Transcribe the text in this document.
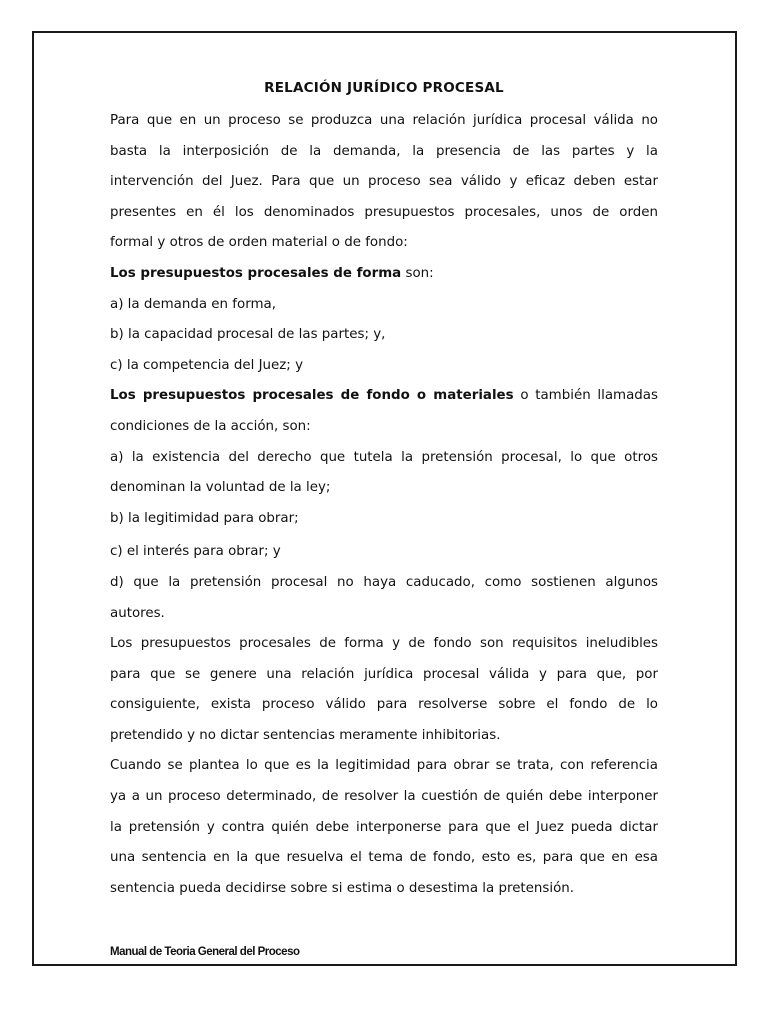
RELACIÓN JURÍDICO PROCESAL
Para que en un proceso se produzca una relación jurídica procesal válida no
basta la interposición de la demanda, la presencia de las partes y la
intervención del Juez. Para que un proceso sea válido y eficaz deben estar
presentes en él los denominados presupuestos procesales, unos de orden
formal y otros de orden material o de fondo:
Los presupuestos procesales de forma son:
a) la demanda en forma,
b) la capacidad procesal de las partes; y,
c) la competencia del Juez; y
Los presupuestos procesales de fondo o materiales o también llamadas
condiciones de la acción, son:
a) la existencia del derecho que tutela la pretensión procesal, lo que otros
denominan la voluntad de la ley;
b) la legitimidad para obrar;
c) el interés para obrar; y
d) que la pretensión procesal no haya caducado, como sostienen algunos
autores.
Los presupuestos procesales de forma y de fondo son requisitos ineludibles
para que se genere una relación jurídica procesal válida y para que, por
consiguiente, exista proceso válido para resolverse sobre el fondo de lo
pretendido y no dictar sentencias meramente inhibitorias.
Cuando se plantea lo que es la legitimidad para obrar se trata, con referencia
ya a un proceso determinado, de resolver la cuestión de quién debe interponer
la pretensión y contra quién debe interponerse para que el Juez pueda dictar
una sentencia en la que resuelva el tema de fondo, esto es, para que en esa
sentencia pueda decidirse sobre si estima o desestima la pretensión.
Manual de Teoria General del Proceso
